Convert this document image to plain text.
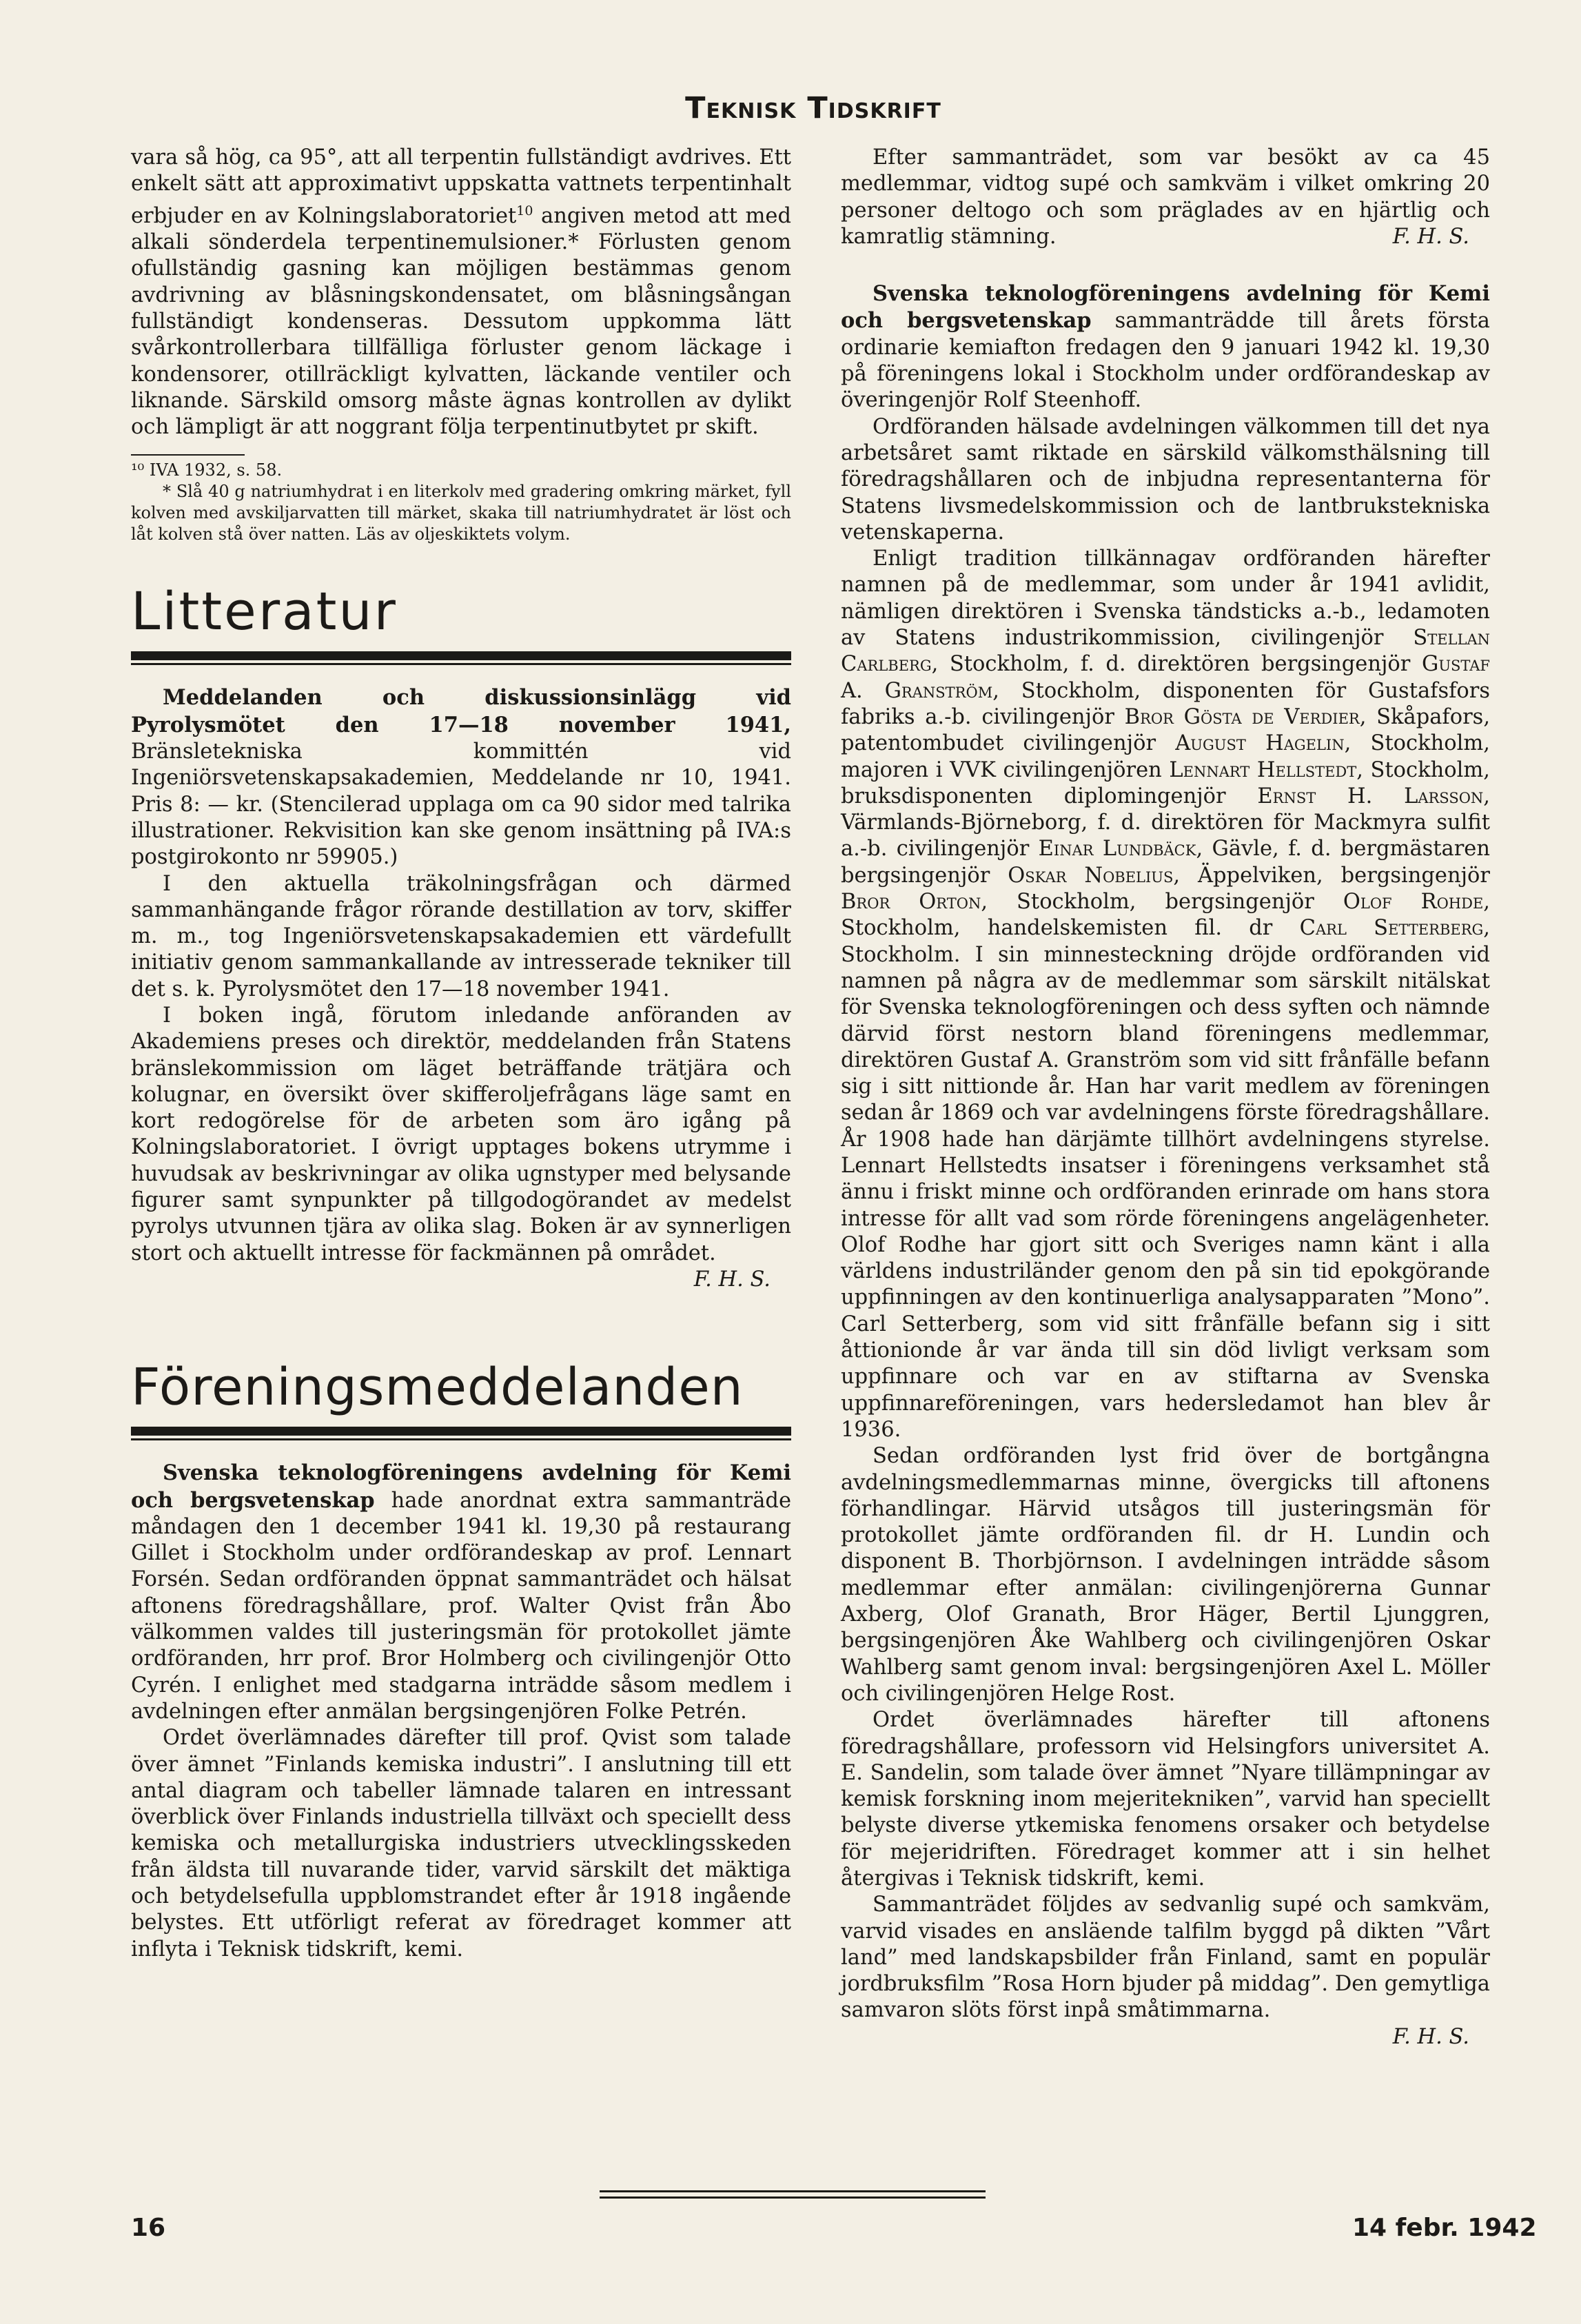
Teknisk Tidskrift

vara så hög, ca 95°, att all terpentin fullständigt avdrives. Ett enkelt sätt att approximativt uppskatta vattnets terpentinhalt erbjuder en av Kolningslaboratoriet$^{10}$ angiven metod att med alkali sönderdela terpentinemulsioner.* Förlusten genom ofullständig gasning kan möjligen bestämmas genom avdrivning av blåsningskondensatet, om blåsningsångan fullständigt kondenseras. Dessutom uppkomma lätt svårkontrollerbara tillfälliga förluster genom läckage i kondensorer, otillräckligt kylvatten, läckande ventiler och liknande. Särskild omsorg måste ägnas kontrollen av dylikt och lämpligt är att noggrant följa terpentinutbytet pr skift.

¹⁰ IVA 1932, s. 58.

* Slå 40 g natriumhydrat i en literkolv med gradering omkring märket, fyll kolven med avskiljarvatten till märket, skaka till natriumhydratet är löst och låt kolven stå över natten. Läs av oljeskiktets volym.

Litteratur

Meddelanden och diskussionsinlägg vid Pyrolysmötet den 17—18 november 1941, Bränsletekniska kommittén vid Ingeniörsvetenskapsakademien, Meddelande nr 10, 1941. Pris 8: — kr. (Stencilerad upplaga om ca 90 sidor med talrika illustrationer. Rekvisition kan ske genom insättning på IVA:s postgirokonto nr 59905.)

I den aktuella träkolningsfrågan och därmed sammanhängande frågor rörande destillation av torv, skiffer m. m., tog Ingeniörsvetenskapsakademien ett värdefullt initiativ genom sammankallande av intresserade tekniker till det s. k. Pyrolysmötet den 17—18 november 1941.

I boken ingå, förutom inledande anföranden av Akademiens preses och direktör, meddelanden från Statens bränslekommission om läget beträffande trätjära och kolugnar, en översikt över skifferoljefrågans läge samt en kort redogörelse för de arbeten som äro igång på Kolningslaboratoriet. I övrigt upptages bokens utrymme i huvudsak av beskrivningar av olika ugnstyper med belysande figurer samt synpunkter på tillgodogörandet av medelst pyrolys utvunnen tjära av olika slag. Boken är av synnerligen stort och aktuellt intresse för fackmännen på området.
F. H. S.

Föreningsmeddelanden

Svenska teknologföreningens avdelning för Kemi och bergsvetenskap hade anordnat extra sammanträde måndagen den 1 december 1941 kl. 19,30 på restaurang Gillet i Stockholm under ordförandeskap av prof. Lennart Forsén. Sedan ordföranden öppnat sammanträdet och hälsat aftonens föredragshållare, prof. Walter Qvist från Åbo välkommen valdes till justeringsmän för protokollet jämte ordföranden, hrr prof. Bror Holmberg och civilingenjör Otto Cyrén. I enlighet med stadgarna inträdde såsom medlem i avdelningen efter anmälan bergsingenjören Folke Petrén.

Ordet överlämnades därefter till prof. Qvist som talade över ämnet ”Finlands kemiska industri”. I anslutning till ett antal diagram och tabeller lämnade talaren en intressant överblick över Finlands industriella tillväxt och speciellt dess kemiska och metallurgiska industriers utvecklingsskeden från äldsta till nuvarande tider, varvid särskilt det mäktiga och betydelsefulla uppblomstrandet efter år 1918 ingående belystes. Ett utförligt referat av föredraget kommer att inflyta i Teknisk tidskrift, kemi.

Efter sammanträdet, som var besökt av ca 45 medlemmar, vidtog supé och samkväm i vilket omkring 20 personer deltogo och som präglades av en hjärtlig och kamratlig stämning.	F. H. S.

Svenska teknologföreningens avdelning för Kemi och bergsvetenskap sammanträdde till årets första ordinarie kemiafton fredagen den 9 januari 1942 kl. 19,30 på föreningens lokal i Stockholm under ordförandeskap av överingenjör Rolf Steenhoff.

Ordföranden hälsade avdelningen välkommen till det nya arbetsåret samt riktade en särskild välkomsthälsning till föredragshållaren och de inbjudna representanterna för Statens livsmedelskommission och de lantbrukstekniska vetenskaperna.

Enligt tradition tillkännagav ordföranden härefter namnen på de medlemmar, som under år 1941 avlidit, nämligen direktören i Svenska tändsticks a.-b., ledamoten av Statens industrikommission, civilingenjör Stellan Carlberg, Stockholm, f. d. direktören bergsingenjör Gustaf A. Granström, Stockholm, disponenten för Gustafsfors fabriks a.-b. civilingenjör Bror Gösta de Verdier, Skåpafors, patentombudet civilingenjör August Hagelin, Stockholm, majoren i VVK civilingenjören Lennart Hellstedt, Stockholm, bruksdisponenten diplomingenjör Ernst H. Larsson, Värmlands-Björneborg, f. d. direktören för Mackmyra sulfit a.-b. civilingenjör Einar Lundbäck, Gävle, f. d. bergmästaren bergsingenjör Oskar Nobelius, Äppelviken, bergsingenjör Bror Orton, Stockholm, bergsingenjör Olof Rohde, Stockholm, handelskemisten fil. dr Carl Setterberg, Stockholm. I sin minnesteckning dröjde ordföranden vid namnen på några av de medlemmar som särskilt nitälskat för Svenska teknologföreningen och dess syften och nämnde därvid först nestorn bland föreningens medlemmar, direktören Gustaf A. Granström som vid sitt frånfälle befann sig i sitt nittionde år. Han har varit medlem av föreningen sedan år 1869 och var avdelningens förste föredragshållare. År 1908 hade han därjämte tillhört avdelningens styrelse. Lennart Hellstedts insatser i föreningens verksamhet stå ännu i friskt minne och ordföranden erinrade om hans stora intresse för allt vad som rörde föreningens angelägenheter. Olof Rodhe har gjort sitt och Sveriges namn känt i alla världens industriländer genom den på sin tid epokgörande uppfinningen av den kontinuerliga analysapparaten ”Mono”. Carl Setterberg, som vid sitt frånfälle befann sig i sitt åttionionde år var ända till sin död livligt verksam som uppfinnare och var en av stiftarna av Svenska uppfinnareföreningen, vars hedersledamot han blev år 1936.

Sedan ordföranden lyst frid över de bortgångna avdelningsmedlemmarnas minne, övergicks till aftonens förhandlingar. Härvid utsågos till justeringsmän för protokollet jämte ordföranden fil. dr H. Lundin och disponent B. Thorbjörnson. I avdelningen inträdde såsom medlemmar efter anmälan: civilingenjörerna Gunnar Axberg, Olof Granath, Bror Häger, Bertil Ljunggren, bergsingenjören Åke Wahlberg och civilingenjören Oskar Wahlberg samt genom inval: bergsingenjören Axel L. Möller och civilingenjören Helge Rost.

Ordet överlämnades härefter till aftonens föredragshållare, professorn vid Helsingfors universitet A. E. Sandelin, som talade över ämnet ”Nyare tillämpningar av kemisk forskning inom mejeritekniken”, varvid han speciellt belyste diverse ytkemiska fenomens orsaker och betydelse för mejeridriften. Föredraget kommer att i sin helhet återgivas i Teknisk tidskrift, kemi.

Sammanträdet följdes av sedvanlig supé och samkväm, varvid visades en ansläende talfilm byggd på dikten ”Vårt land” med landskapsbilder från Finland, samt en populär jordbruksfilm ”Rosa Horn bjuder på middag”. Den gemytliga samvaron slöts först inpå småtimmarna.

F. H. S.

16	14 febr. 1942
